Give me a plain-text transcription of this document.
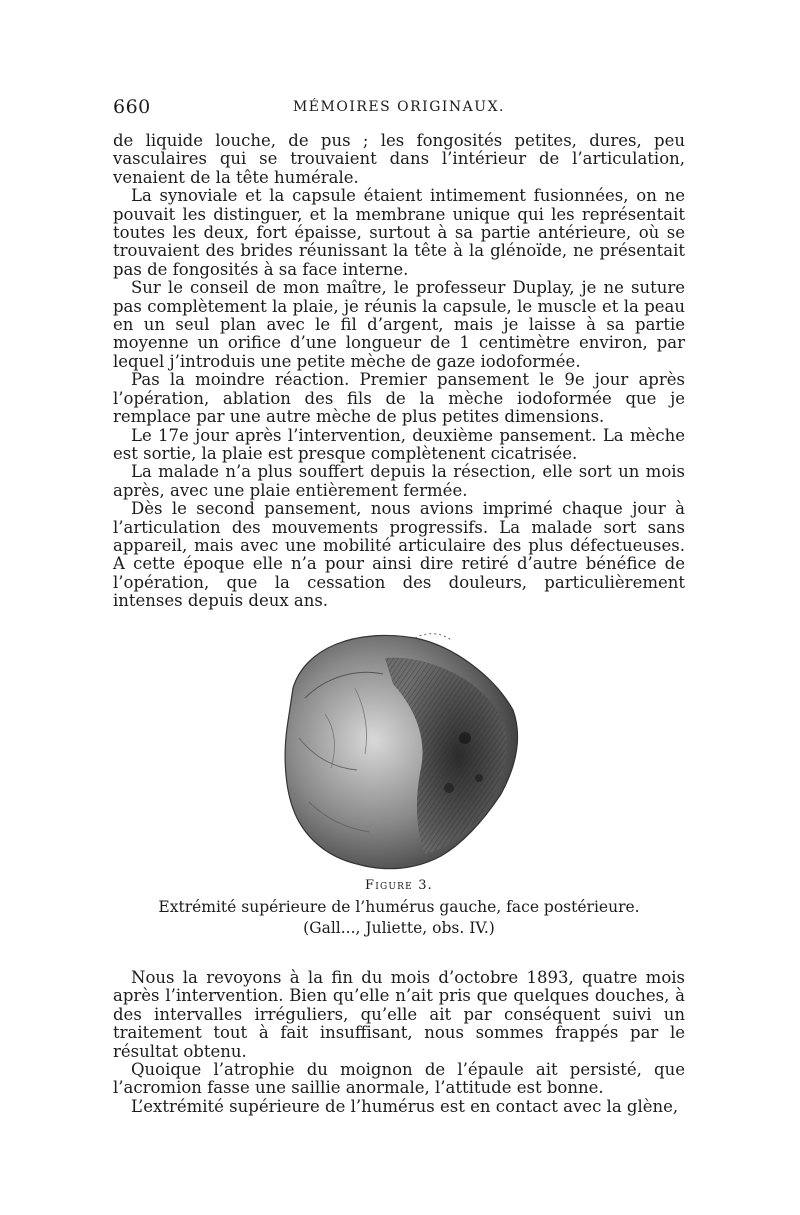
660	MÉMOIRES ORIGINAUX.

de liquide louche, de pus ; les fongosités petites, dures, peu vasculaires qui se trouvaient dans l’intérieur de l’articulation, venaient de la tête humérale.

La synoviale et la capsule étaient intimement fusionnées, on ne pouvait les distinguer, et la membrane unique qui les représentait toutes les deux, fort épaisse, surtout à sa partie antérieure, où se trouvaient des brides réunissant la tête à la glénoïde, ne présentait pas de fongosités à sa face interne.

Sur le conseil de mon maître, le professeur Duplay, je ne suture pas complètement la plaie, je réunis la capsule, le muscle et la peau en un seul plan avec le fil d’argent, mais je laisse à sa partie moyenne un orifice d’une longueur de 1 centimètre environ, par lequel j’introduis une petite mèche de gaze iodoformée.

Pas la moindre réaction. Premier pansement le 9e jour après l’opération, ablation des fils de la mèche iodoformée que je remplace par une autre mèche de plus petites dimensions.

Le 17e jour après l’intervention, deuxième pansement. La mèche est sortie, la plaie est presque complètenent cicatrisée.

La malade n’a plus souffert depuis la résection, elle sort un mois après, avec une plaie entièrement fermée.

Dès le second pansement, nous avions imprimé chaque jour à l’articulation des mouvements progressifs. La malade sort sans appareil, mais avec une mobilité articulaire des plus défectueuses. A cette époque elle n’a pour ainsi dire retiré d’autre bénéfice de l’opération, que la cessation des douleurs, particulièrement intenses depuis deux ans.

Figure 3.
Extrémité supérieure de l’humérus gauche, face postérieure.
(Gall..., Juliette, obs. IV.)

Nous la revoyons à la fin du mois d’octobre 1893, quatre mois après l’intervention. Bien qu’elle n’ait pris que quelques douches, à des intervalles irréguliers, qu’elle ait par conséquent suivi un traitement tout à fait insuffisant, nous sommes frappés par le résultat obtenu.

Quoique l’atrophie du moignon de l’épaule ait persisté, que l’acromion fasse une saillie anormale, l’attitude est bonne.

L’extrémité supérieure de l’humérus est en contact avec la glène,
